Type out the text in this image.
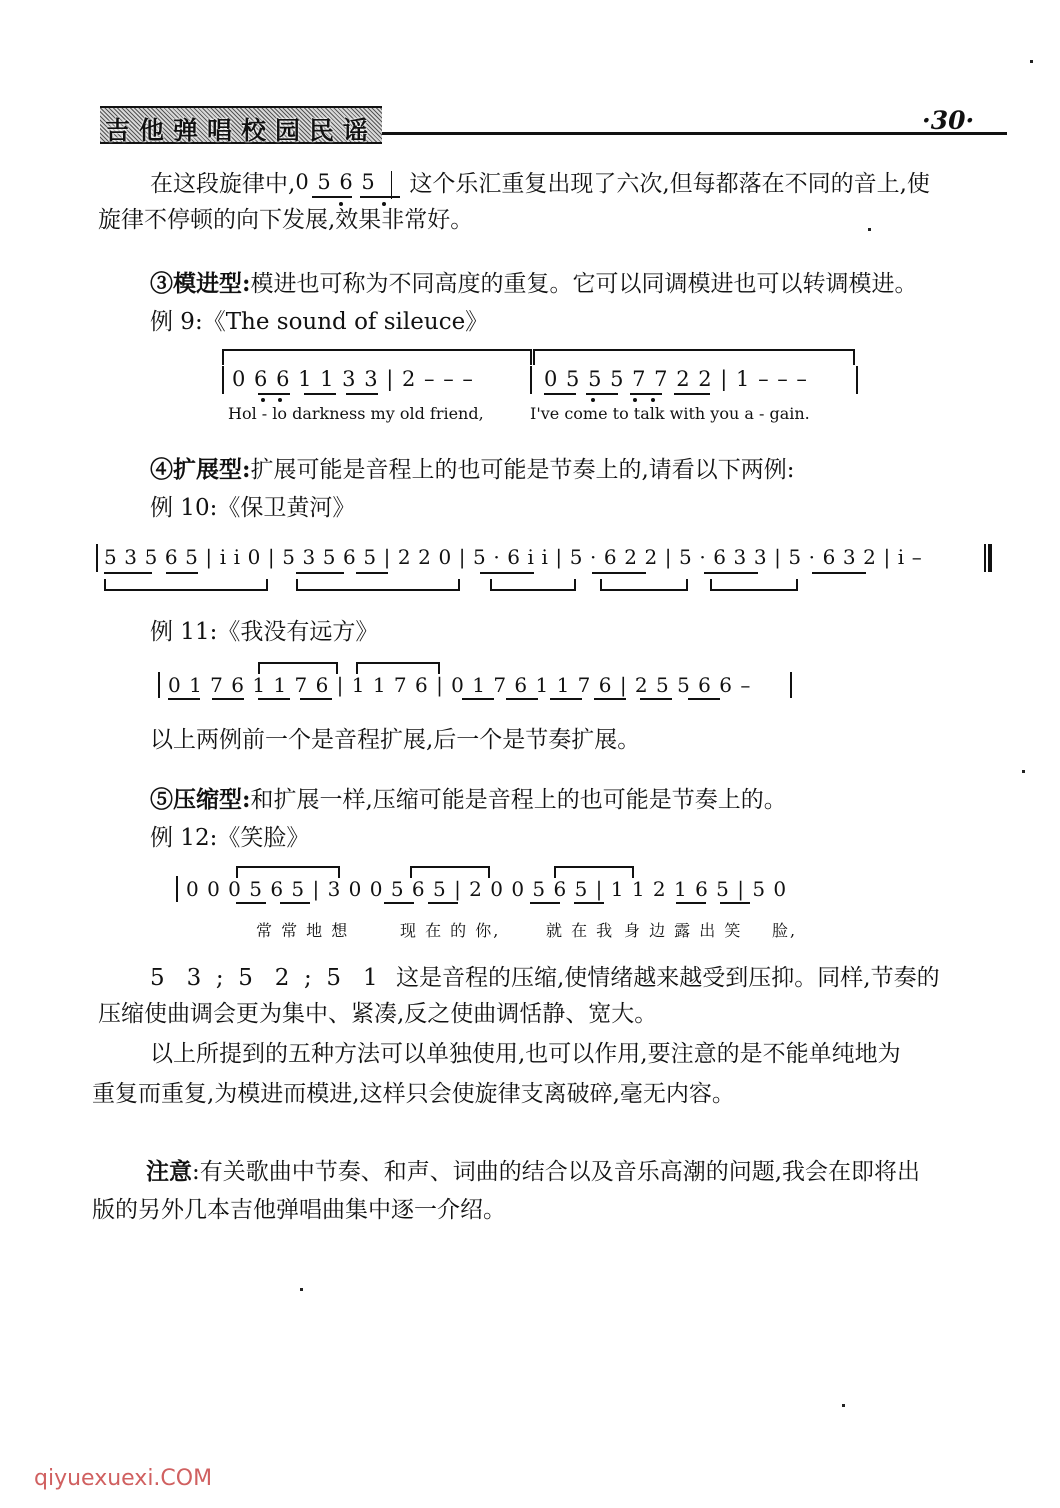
吉他弹唱校园民谣	·30·
在这段旋律中,0 5 6 5 这个乐汇重复出现了六次,但每都落在不同的音上,使
旋律不停顿的向下发展,效果非常好。
③模进型:模进也可称为不同高度的重复。它可以同调模进也可以转调模进。
例 9:《The sound of sileuce》
0 6 6 1 1 3 3 | 2 – – –	0 5 5 5 7 7 2 2 | 1 – – –
Hol - lo darkness my old friend,	I've come to talk with you a - gain.
④扩展型:扩展可能是音程上的也可能是节奏上的,请看以下两例:
例 10:《保卫黄河》
5 3 5 6 5 | i i 0 | 5 3 5 6 5 | 2 2 0 | 5 · 6 i i | 5 · 6 2 2 | 5 · 6 3 3 | 5 · 6 3 2 | i –
例 11:《我没有远方》
0 1 7 6 1 1 7 6 | 1 1 7 6 | 0 1 7 6 1 1 7 6 | 2 5 5 6 6 –
以上两例前一个是音程扩展,后一个是节奏扩展。
⑤压缩型:和扩展一样,压缩可能是音程上的也可能是节奏上的。
例 12:《笑脸》
0 0 0 5 6 5 | 3 0 0 5 6 5 | 2 0 0 5 6 5 | 1 1 2 1 6 5 | 5 0
常 常 地 想	现 在 的 你,	就 在 我 身 边 露 出 笑 脸,
5   3  ;  5   2  ;  5   1 这是音程的压缩,使情绪越来越受到压抑。同样,节奏的
压缩使曲调会更为集中、紧凑,反之使曲调恬静、宽大。
以上所提到的五种方法可以单独使用,也可以作用,要注意的是不能单纯地为
重复而重复,为模进而模进,这样只会使旋律支离破碎,毫无内容。
注意:有关歌曲中节奏、和声、词曲的结合以及音乐高潮的问题,我会在即将出
版的另外几本吉他弹唱曲集中逐一介绍。
qiyuexuexi.COM
